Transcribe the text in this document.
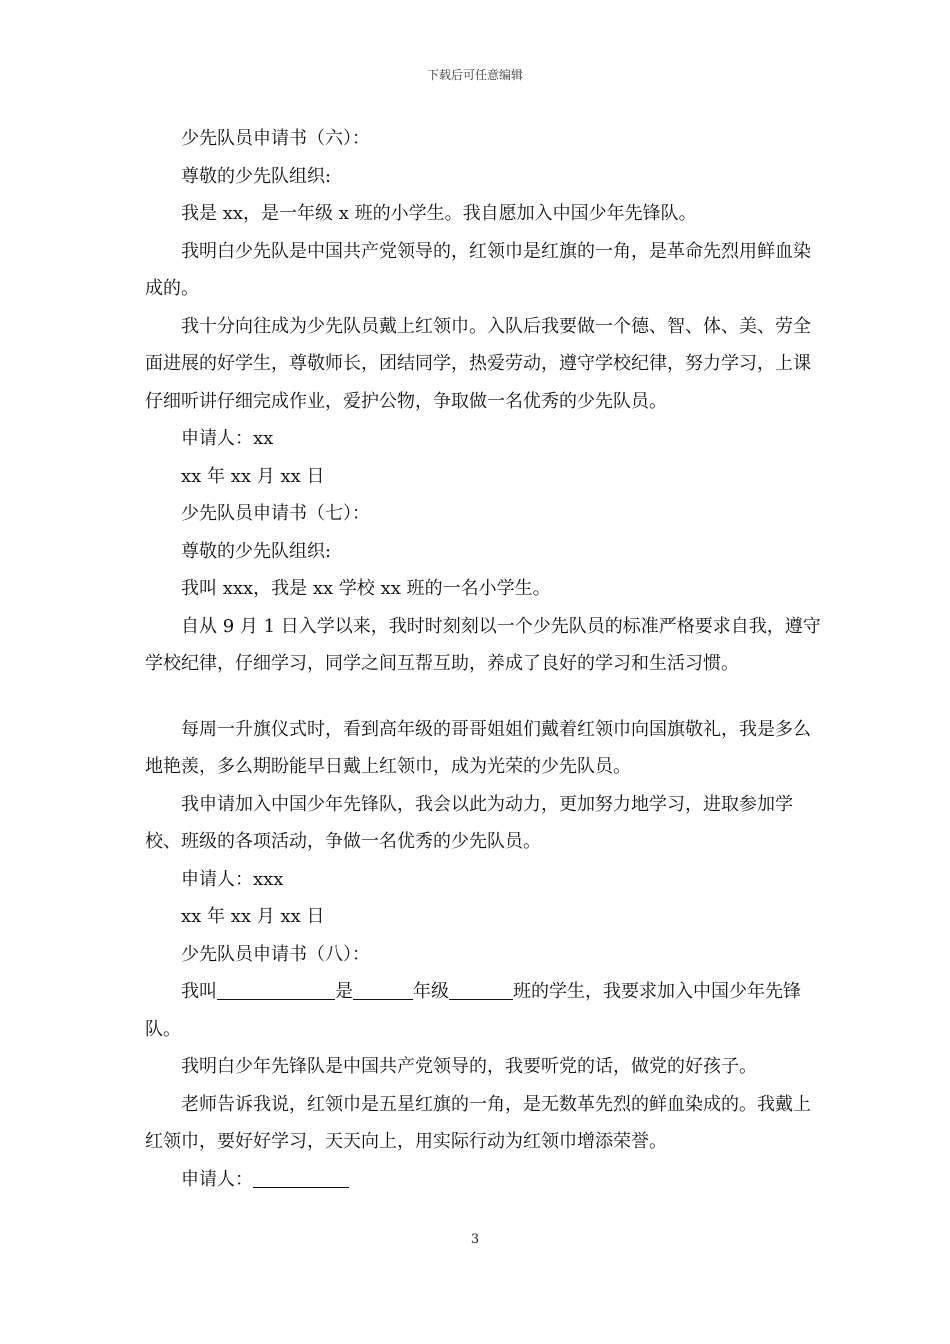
下载后可任意编辑

少先队员申请书（六）：

尊敬的少先队组织:

我是 xx，是一年级 x 班的小学生。我自愿加入中国少年先锋队。

我明白少先队是中国共产党领导的，红领巾是红旗的一角，是革命先烈用鲜血染成的。

我十分向往成为少先队员戴上红领巾。入队后我要做一个德、智、体、美、劳全面进展的好学生，尊敬师长，团结同学，热爱劳动，遵守学校纪律，努力学习，上课仔细听讲仔细完成作业，爱护公物，争取做一名优秀的少先队员。

申请人：xx

xx 年 xx 月 xx 日

少先队员申请书（七）：

尊敬的少先队组织:

我叫 xxx，我是 xx 学校 xx 班的一名小学生。

自从 9 月 1 日入学以来，我时时刻刻以一个少先队员的标准严格要求自我，遵守学校纪律，仔细学习，同学之间互帮互助，养成了良好的学习和生活习惯。

每周一升旗仪式时，看到高年级的哥哥姐姐们戴着红领巾向国旗敬礼，我是多么地艳羡，多么期盼能早日戴上红领巾，成为光荣的少先队员。

我申请加入中国少年先锋队，我会以此为动力，更加努力地学习，进取参加学校、班级的各项活动，争做一名优秀的少先队员。

申请人：xxx

xx 年 xx 月 xx 日

少先队员申请书（八）：

我叫	是	年级	班的学生，我要求加入中国少年先锋队。

我明白少年先锋队是中国共产党领导的，我要听党的话，做党的好孩子。

老师告诉我说，红领巾是五星红旗的一角，是无数革先烈的鲜血染成的。我戴上红领巾，要好好学习，天天向上，用实际行动为红领巾增添荣誉。

申请人：

3
